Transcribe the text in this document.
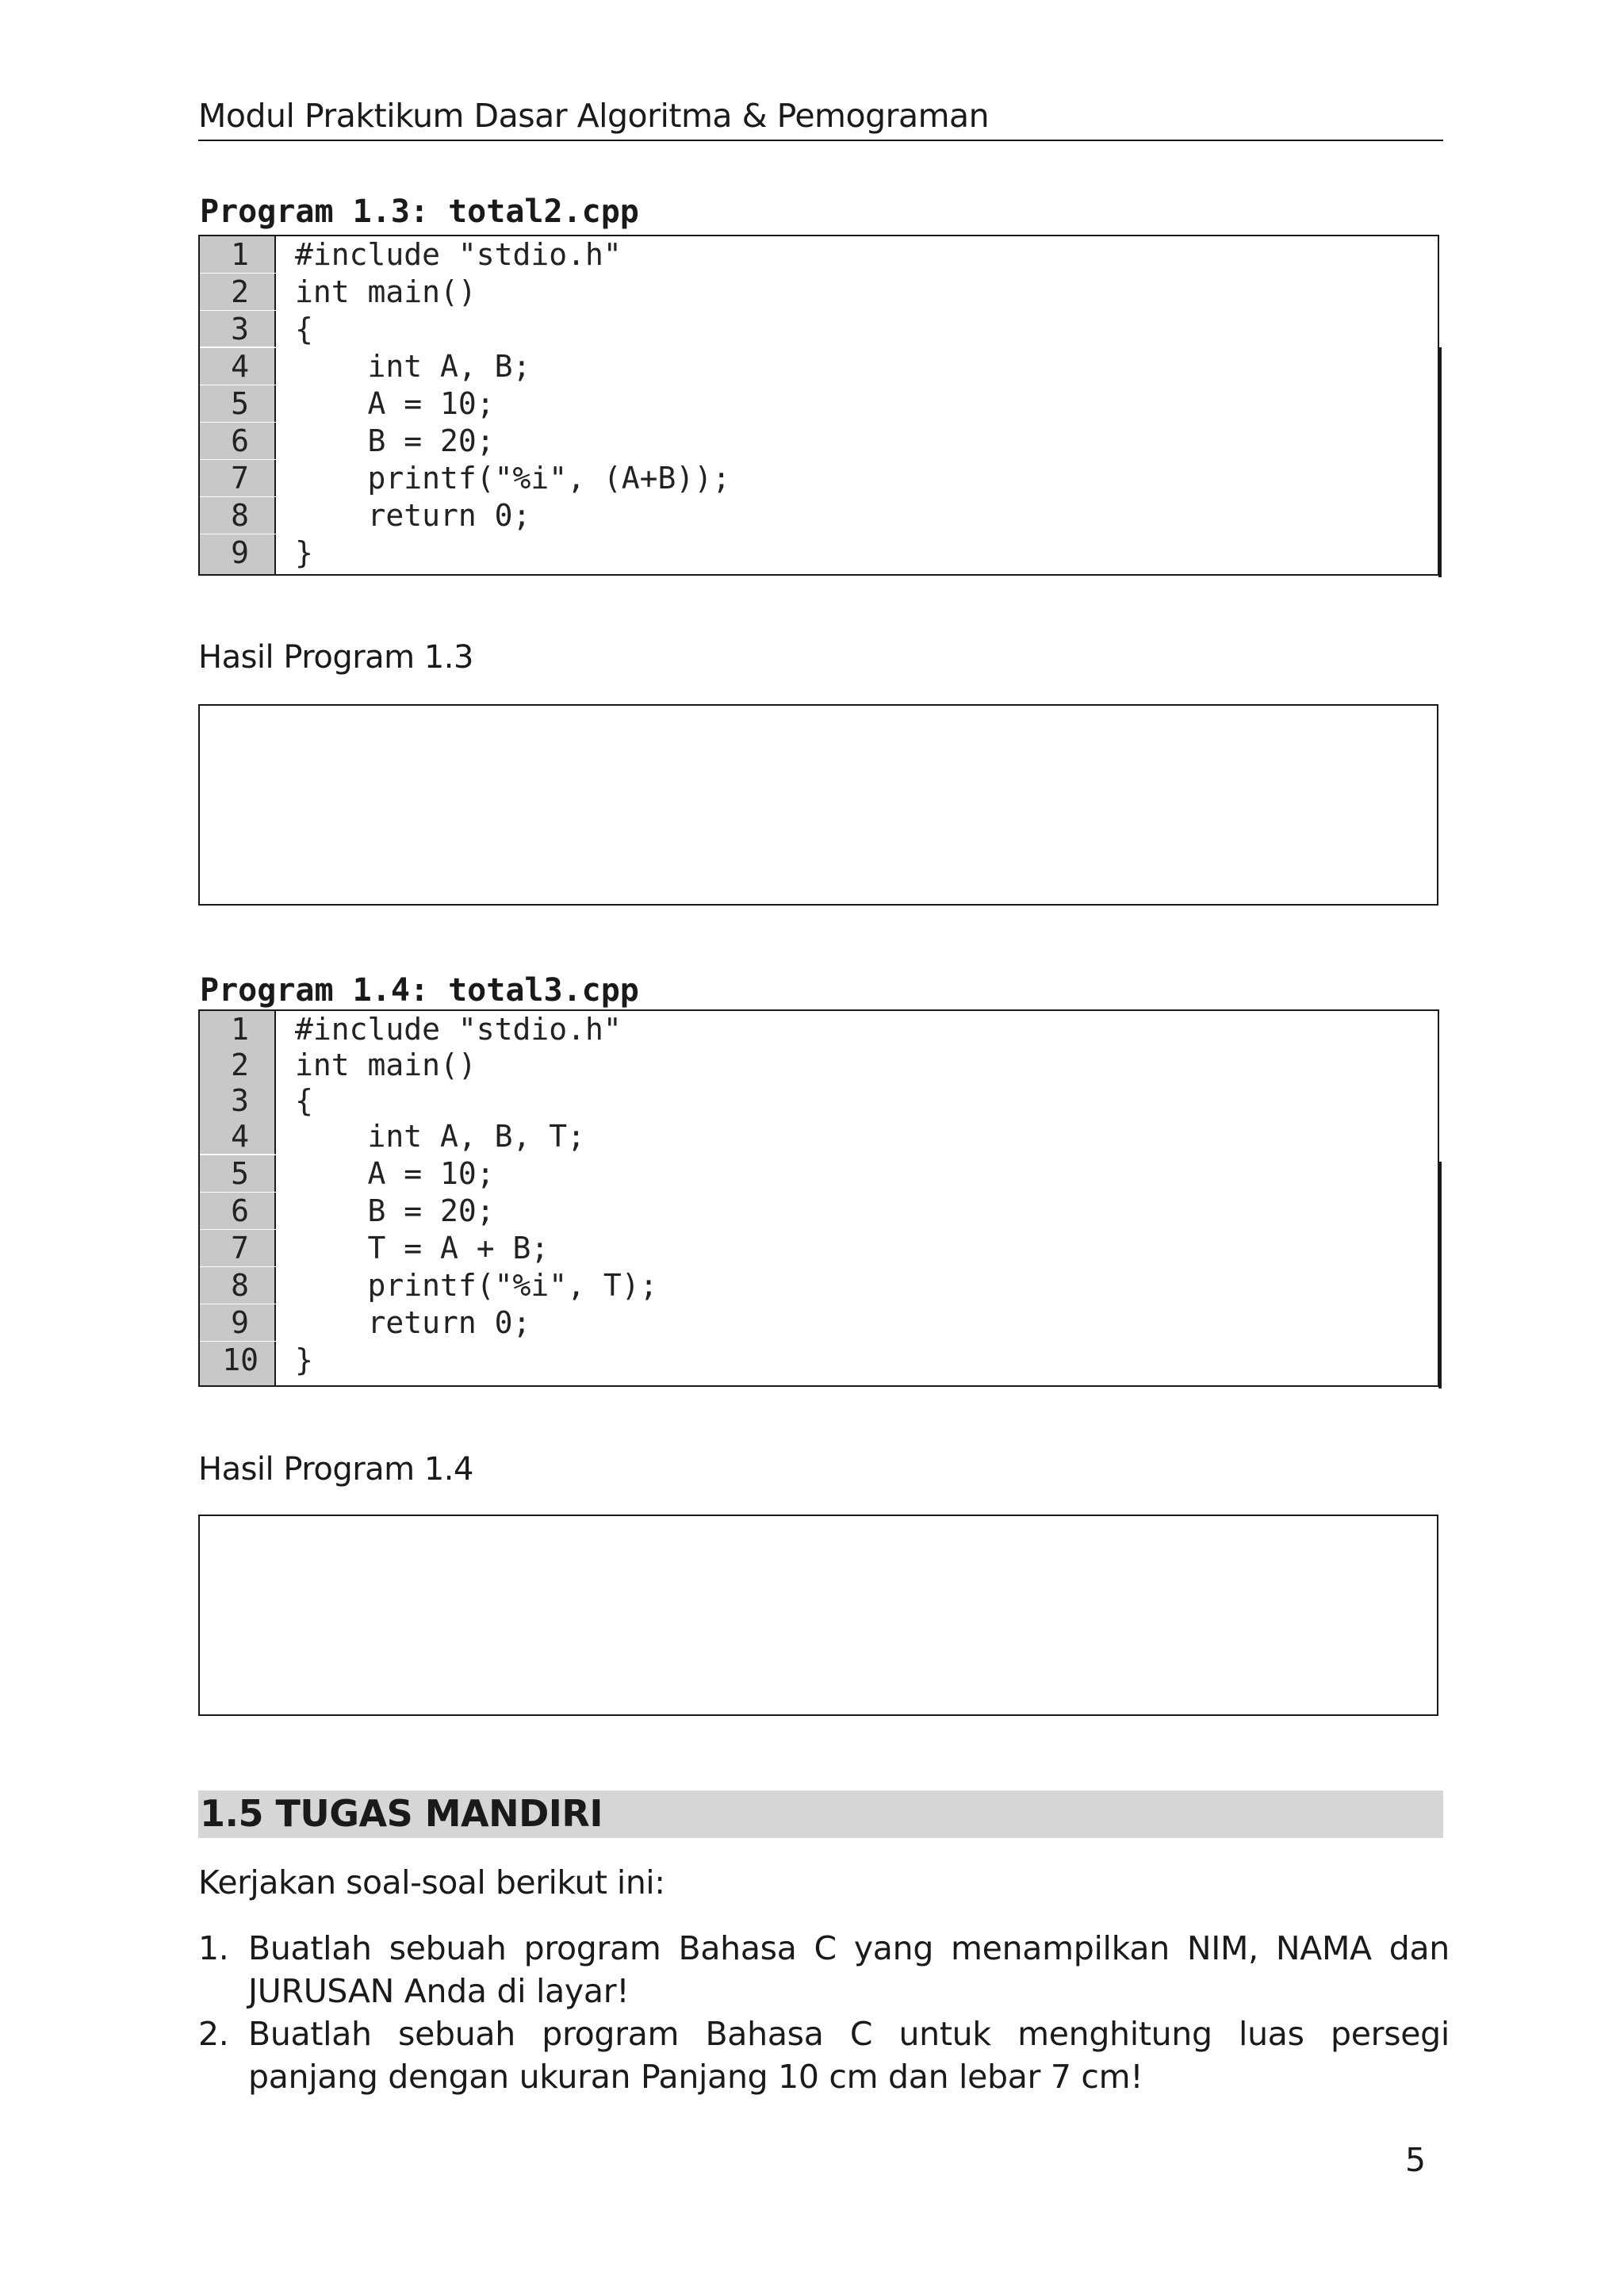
Modul Praktikum Dasar Algoritma & Pemograman
Program 1.3: total2.cpp
1	#include "stdio.h"
2	int main()
3	{
4	int A, B;
5	A = 10;
6	B = 20;
7	printf("%i", (A+B));
8	return 0;
9	}
Hasil Program 1.3
Program 1.4: total3.cpp
1	#include "stdio.h"
2	int main()
3	{
4	int A, B, T;
5	A = 10;
6	B = 20;
7	T = A + B;
8	printf("%i", T);
9	return 0;
10	}
Hasil Program 1.4
1.5 TUGAS MANDIRI
Kerjakan soal-soal berikut ini:
1. Buatlah sebuah program Bahasa C yang menampilkan NIM, NAMA dan JURUSAN Anda di layar!
2. Buatlah sebuah program Bahasa C untuk menghitung luas persegi panjang dengan ukuran Panjang 10 cm dan lebar 7 cm!
5
